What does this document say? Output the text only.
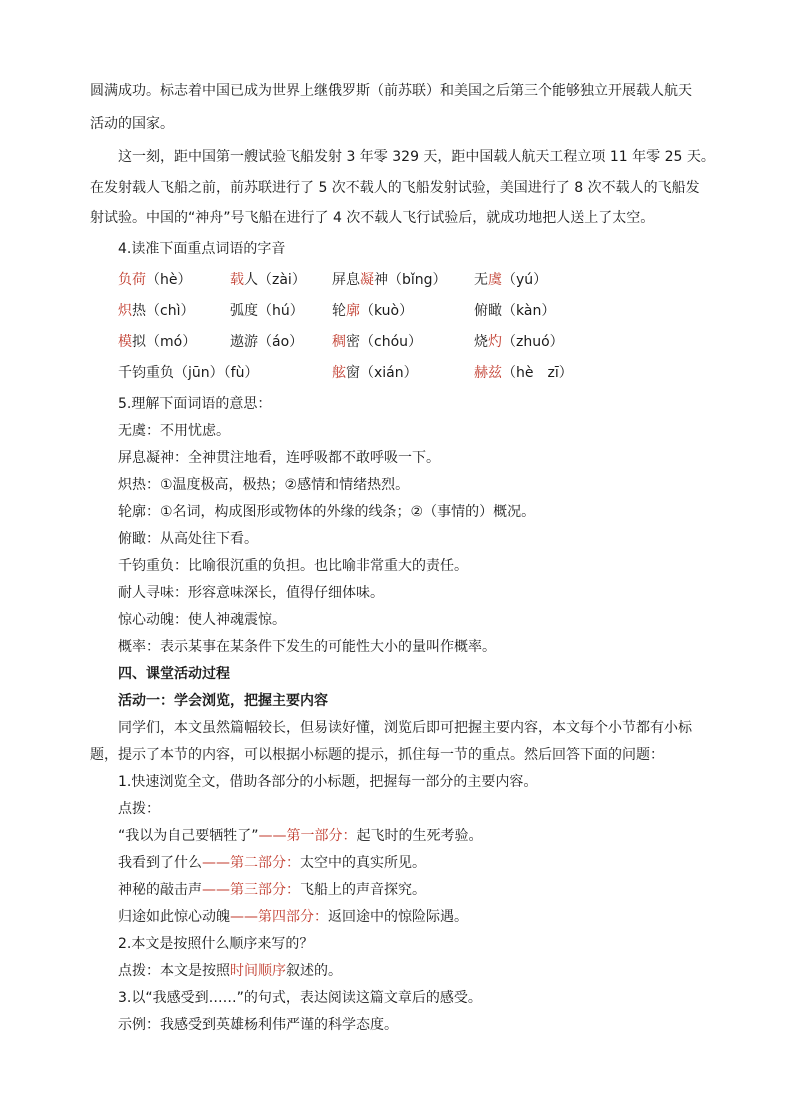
圆满成功。标志着中国已成为世界上继俄罗斯（前苏联）和美国之后第三个能够独立开展载人航天
活动的国家。
这一刻，距中国第一艘试验飞船发射 3 年零 329 天，距中国载人航天工程立项 11 年零 25 天。
在发射载人飞船之前，前苏联进行了 5 次不载人的飞船发射试验，美国进行了 8 次不载人的飞船发
射试验。中国的“神舟”号飞船在进行了 4 次不载人飞行试验后，就成功地把人送上了太空。
4.读准下面重点词语的字音
负荷（hè）	载人（zài） 屏息凝神（bǐng） 无虞（yú）
炽热（chì）	弧度（hú） 轮廓（kuò）	俯瞰（kàn）
模拟（mó） 遨游（áo） 稠密（chóu）	烧灼（zhuó）
千钧重负（jūn）（fù）	舷窗（xián）	赫兹（hè　zī）
5.理解下面词语的意思：
无虞：不用忧虑。
屏息凝神：全神贯注地看，连呼吸都不敢呼吸一下。
炽热：①温度极高，极热；②感情和情绪热烈。
轮廓：①名词，构成图形或物体的外缘的线条；②（事情的）概况。
俯瞰：从高处往下看。
千钧重负：比喻很沉重的负担。也比喻非常重大的责任。
耐人寻味：形容意味深长，值得仔细体味。
惊心动魄：使人神魂震惊。
概率：表示某事在某条件下发生的可能性大小的量叫作概率。
四、课堂活动过程
活动一：学会浏览，把握主要内容
同学们，本文虽然篇幅较长，但易读好懂，浏览后即可把握主要内容，本文每个小节都有小标
题，提示了本节的内容，可以根据小标题的提示，抓住每一节的重点。然后回答下面的问题：
1.快速浏览全文，借助各部分的小标题，把握每一部分的主要内容。
点拨：
“我以为自己要牺牲了”——第一部分：起飞时的生死考验。
我看到了什么——第二部分：太空中的真实所见。
神秘的敲击声——第三部分：飞船上的声音探究。
归途如此惊心动魄——第四部分：返回途中的惊险际遇。
2.本文是按照什么顺序来写的？
点拨：本文是按照时间顺序叙述的。
3.以“我感受到……”的句式，表达阅读这篇文章后的感受。
示例：我感受到英雄杨利伟严谨的科学态度。
